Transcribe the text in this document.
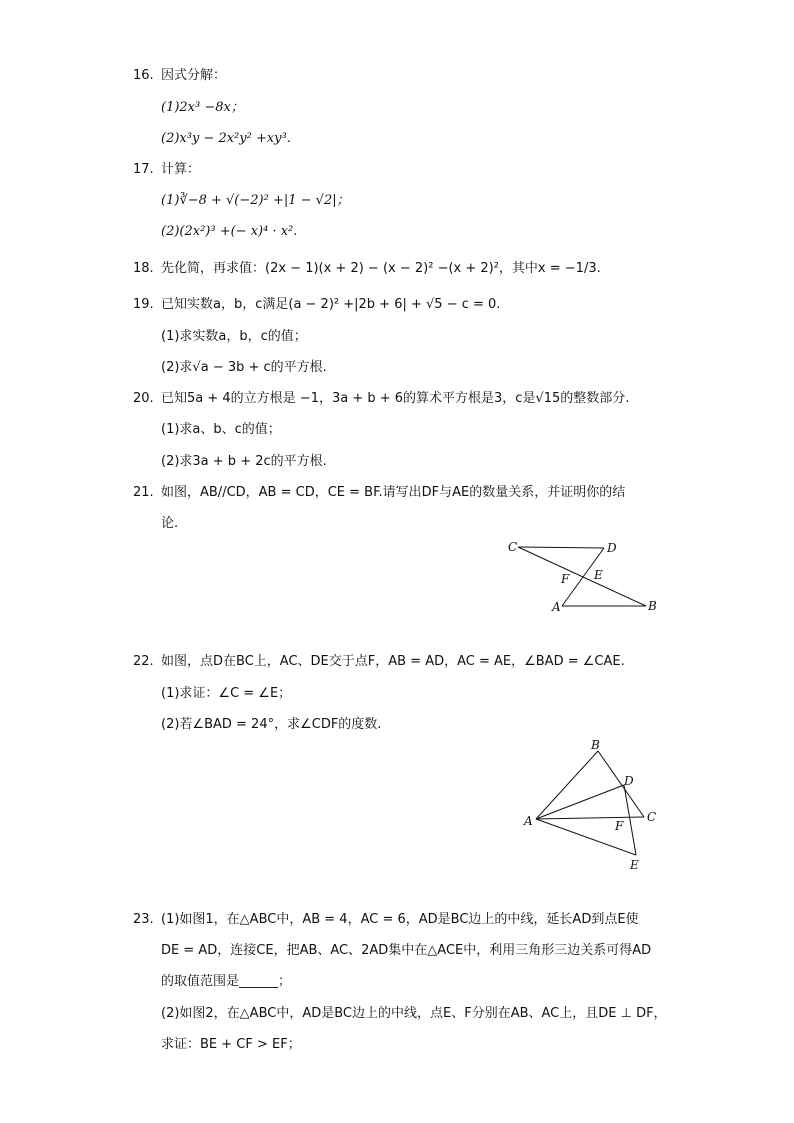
16. 因式分解：
(1)2x³ −8x；
(2)x³y − 2x²y² +xy³.
17. 计算：
(1)∛−8 + √(−2)² +|1 − √2|；
(2)(2x²)³ +(− x)⁴ · x².
18. 先化简，再求值：(2x − 1)(x + 2) − (x − 2)² −(x + 2)²，其中x = −1/3.
19. 已知实数a，b，c满足(a − 2)² +|2b + 6| + √5 − c = 0.
(1)求实数a，b，c的值；
(2)求√a − 3b + c的平方根.
20. 已知5a + 4的立方根是 −1，3a + b + 6的算术平方根是3，c是√15的整数部分.
(1)求a、b、c的值；
(2)求3a + b + 2c的平方根.
21. 如图，AB//CD，AB = CD，CE = BF.请写出DF与AE的数量关系，并证明你的结
论.
C	D
F E
A	B
22. 如图，点D在BC上，AC、DE交于点F，AB = AD，AC = AE，∠BAD = ∠CAE.
(1)求证：∠C = ∠E；
(2)若∠BAD = 24°，求∠CDF的度数.
B
D
A	F
C
E
23. (1)如图1，在△ABC中，AB = 4，AC = 6，AD是BC边上的中线，延长AD到点E使
DE = AD，连接CE，把AB、AC、2AD集中在△ACE中，利用三角形三边关系可得AD
的取值范围是______；
(2)如图2，在△ABC中，AD是BC边上的中线，点E、F分别在AB、AC上，且DE ⊥ DF，
求证：BE + CF > EF；
